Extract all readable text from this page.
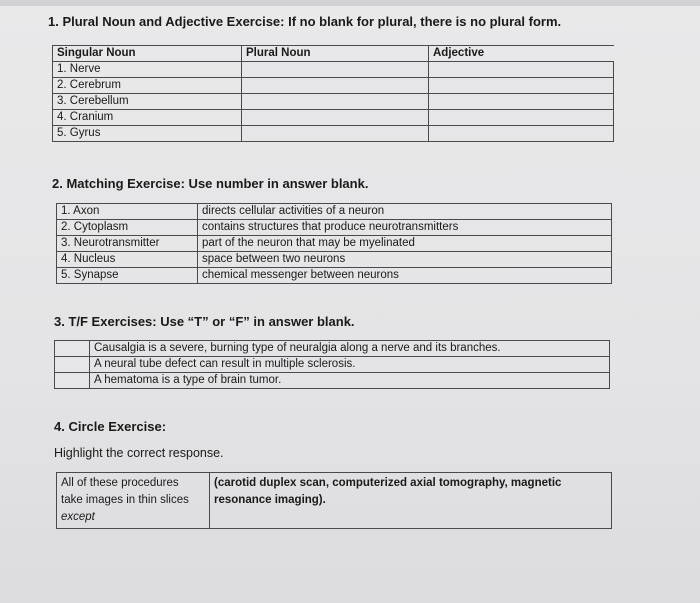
1. Plural Noun and Adjective Exercise: If no blank for plural, there is no plural form.
Singular Noun	Plural Noun	Adjective
1. Nerve		
2. Cerebrum		
3. Cerebellum		
4. Cranium		
5. Gyrus		
2. Matching Exercise: Use number in answer blank.
1. Axon	directs cellular activities of a neuron
2. Cytoplasm	contains structures that produce neurotransmitters
3. Neurotransmitter	part of the neuron that may be myelinated
4. Nucleus	space between two neurons
5. Synapse	chemical messenger between neurons
3. T/F Exercises: Use “T” or “F” in answer blank.
	Causalgia is a severe, burning type of neuralgia along a nerve and its branches.
	A neural tube defect can result in multiple sclerosis.
	A hematoma is a type of brain tumor.
4. Circle Exercise:
Highlight the correct response.
All of these procedures
take images in thin slices
except
	(carotid duplex scan, computerized axial tomography, magnetic resonance imaging).
